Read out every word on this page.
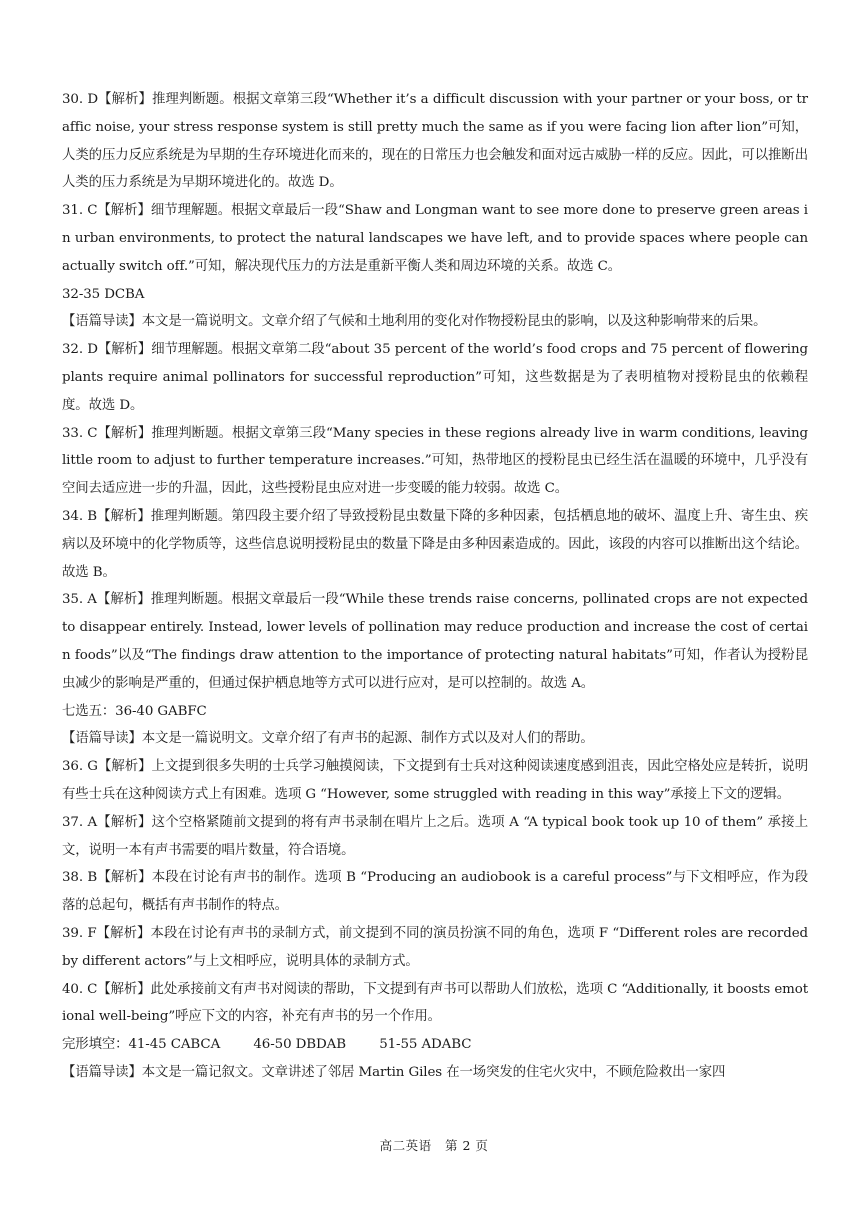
30. D【解析】推理判断题。根据文章第三段“Whether it’s a difficult discussion with your partner or your boss, or traffic noise, your stress response system is still pretty much the same as if you were facing lion after lion”可知，人类的压力反应系统是为早期的生存环境进化而来的，现在的日常压力也会触发和面对远古威胁一样的反应。因此，可以推断出人类的压力系统是为早期环境进化的。故选 D。

31. C【解析】细节理解题。根据文章最后一段“Shaw and Longman want to see more done to preserve green areas in urban environments, to protect the natural landscapes we have left, and to provide spaces where people can actually switch off.”可知，解决现代压力的方法是重新平衡人类和周边环境的关系。故选 C。

32-35 DCBA

【语篇导读】本文是一篇说明文。文章介绍了气候和土地利用的变化对作物授粉昆虫的影响，以及这种影响带来的后果。

32. D【解析】细节理解题。根据文章第二段“about 35 percent of the world’s food crops and 75 percent of flowering plants require animal pollinators for successful reproduction”可知，这些数据是为了表明植物对授粉昆虫的依赖程度。故选 D。

33. C【解析】推理判断题。根据文章第三段“Many species in these regions already live in warm conditions, leaving little room to adjust to further temperature increases.”可知，热带地区的授粉昆虫已经生活在温暖的环境中，几乎没有空间去适应进一步的升温，因此，这些授粉昆虫应对进一步变暖的能力较弱。故选 C。

34. B【解析】推理判断题。第四段主要介绍了导致授粉昆虫数量下降的多种因素，包括栖息地的破坏、温度上升、寄生虫、疾病以及环境中的化学物质等，这些信息说明授粉昆虫的数量下降是由多种因素造成的。因此，该段的内容可以推断出这个结论。故选 B。

35. A【解析】推理判断题。根据文章最后一段“While these trends raise concerns, pollinated crops are not expected to disappear entirely. Instead, lower levels of pollination may reduce production and increase the cost of certain foods”以及“The findings draw attention to the importance of protecting natural habitats”可知，作者认为授粉昆虫减少的影响是严重的，但通过保护栖息地等方式可以进行应对，是可以控制的。故选 A。

七选五：36-40 GABFC

【语篇导读】本文是一篇说明文。文章介绍了有声书的起源、制作方式以及对人们的帮助。

36. G【解析】上文提到很多失明的士兵学习触摸阅读，下文提到有士兵对这种阅读速度感到沮丧，因此空格处应是转折，说明有些士兵在这种阅读方式上有困难。选项 G “However, some struggled with reading in this way”承接上下文的逻辑。

37. A【解析】这个空格紧随前文提到的将有声书录制在唱片上之后。选项 A “A typical book took up 10 of them” 承接上文，说明一本有声书需要的唱片数量，符合语境。

38. B【解析】本段在讨论有声书的制作。选项 B “Producing an audiobook is a careful process”与下文相呼应，作为段落的总起句，概括有声书制作的特点。

39. F【解析】本段在讨论有声书的录制方式，前文提到不同的演员扮演不同的角色，选项 F “Different roles are recorded by different actors”与上文相呼应，说明具体的录制方式。

40. C【解析】此处承接前文有声书对阅读的帮助，下文提到有声书可以帮助人们放松，选项 C “Additionally, it boosts emotional well-being”呼应下文的内容，补充有声书的另一个作用。

完形填空：41-45 CABCA        46-50 DBDAB        51-55 ADABC

【语篇导读】本文是一篇记叙文。文章讲述了邻居 Martin Giles 在一场突发的住宅火灾中，不顾危险救出一家四

高二英语   第 2 页
